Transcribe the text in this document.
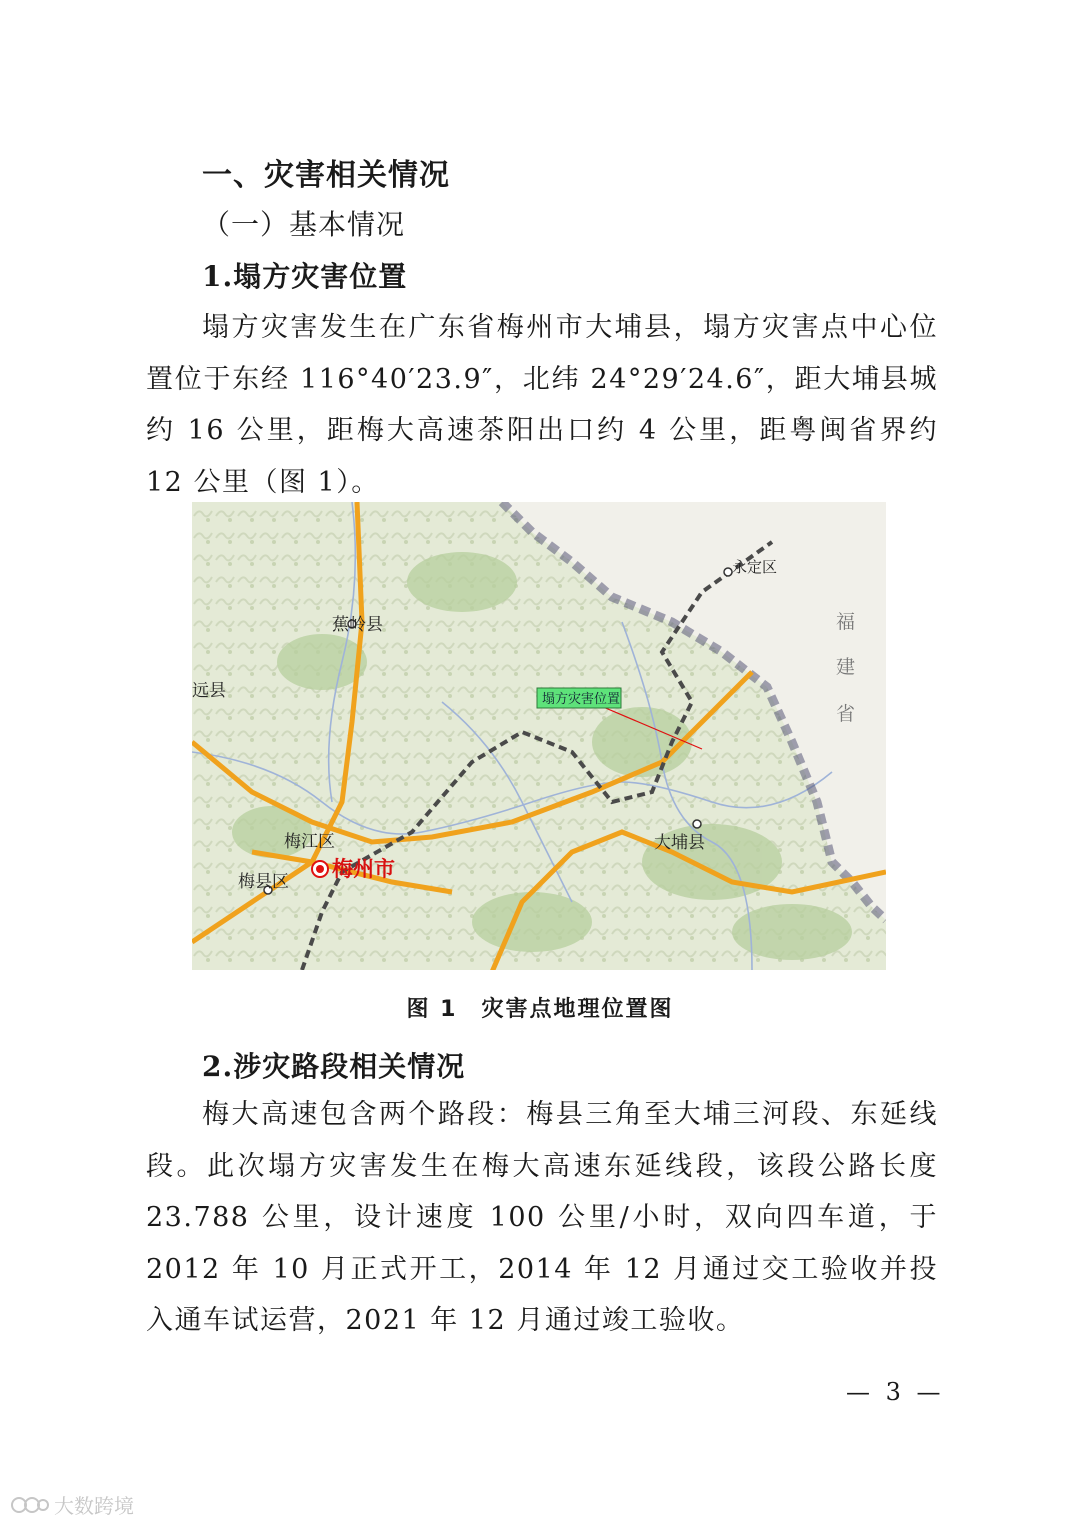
一、灾害相关情况
（一）基本情况
1.塌方灾害位置

塌方灾害发生在广东省梅州市大埔县，塌方灾害点中心位置位于东经 116°40′23.9″，北纬 24°29′24.6″，距大埔县城约 16 公里，距梅大高速茶阳出口约 4 公里，距粤闽省界约 12 公里（图 1）。

塌方灾害位置
永定区
福
建
省
蕉岭县
远县
梅江区
梅州市
梅县区
大埔县
图 1　灾害点地理位置图
2.涉灾路段相关情况

梅大高速包含两个路段：梅县三角至大埔三河段、东延线段。此次塌方灾害发生在梅大高速东延线段，该段公路长度 23.788 公里，设计速度 100 公里/小时，双向四车道，于 2012 年 10 月正式开工，2014 年 12 月通过交工验收并投入通车试运营，2021 年 12 月通过竣工验收。

— 3 —
大数跨境
